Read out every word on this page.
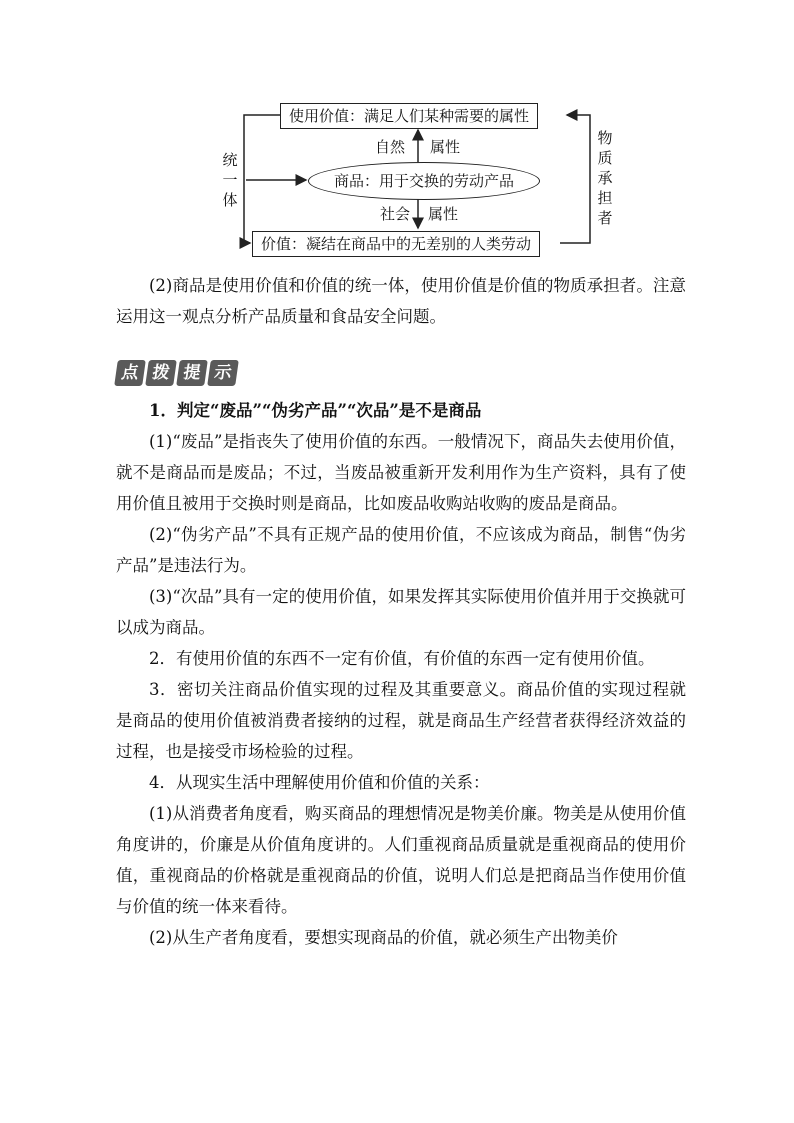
使用价值：满足人们某种需要的属性
商品：用于交换的劳动产品
价值：凝结在商品中的无差别的人类劳动
自然 属性
社会 属性
统一体
物质承担者

(2)商品是使用价值和价值的统一体，使用价值是价值的物质承担者。注意运用这一观点分析产品质量和食品安全问题。

点 拨 提 示

1．判定“废品”“伪劣产品”“次品”是不是商品

(1)“废品”是指丧失了使用价值的东西。一般情况下，商品失去使用价值，就不是商品而是废品；不过，当废品被重新开发利用作为生产资料，具有了使用价值且被用于交换时则是商品，比如废品收购站收购的废品是商品。

(2)“伪劣产品”不具有正规产品的使用价值，不应该成为商品，制售“伪劣产品”是违法行为。

(3)“次品”具有一定的使用价值，如果发挥其实际使用价值并用于交换就可以成为商品。

2．有使用价值的东西不一定有价值，有价值的东西一定有使用价值。

3．密切关注商品价值实现的过程及其重要意义。商品价值的实现过程就是商品的使用价值被消费者接纳的过程，就是商品生产经营者获得经济效益的过程，也是接受市场检验的过程。

4．从现实生活中理解使用价值和价值的关系：

(1)从消费者角度看，购买商品的理想情况是物美价廉。物美是从使用价值角度讲的，价廉是从价值角度讲的。人们重视商品质量就是重视商品的使用价值，重视商品的价格就是重视商品的价值，说明人们总是把商品当作使用价值与价值的统一体来看待。

(2)从生产者角度看，要想实现商品的价值，就必须生产出物美价
